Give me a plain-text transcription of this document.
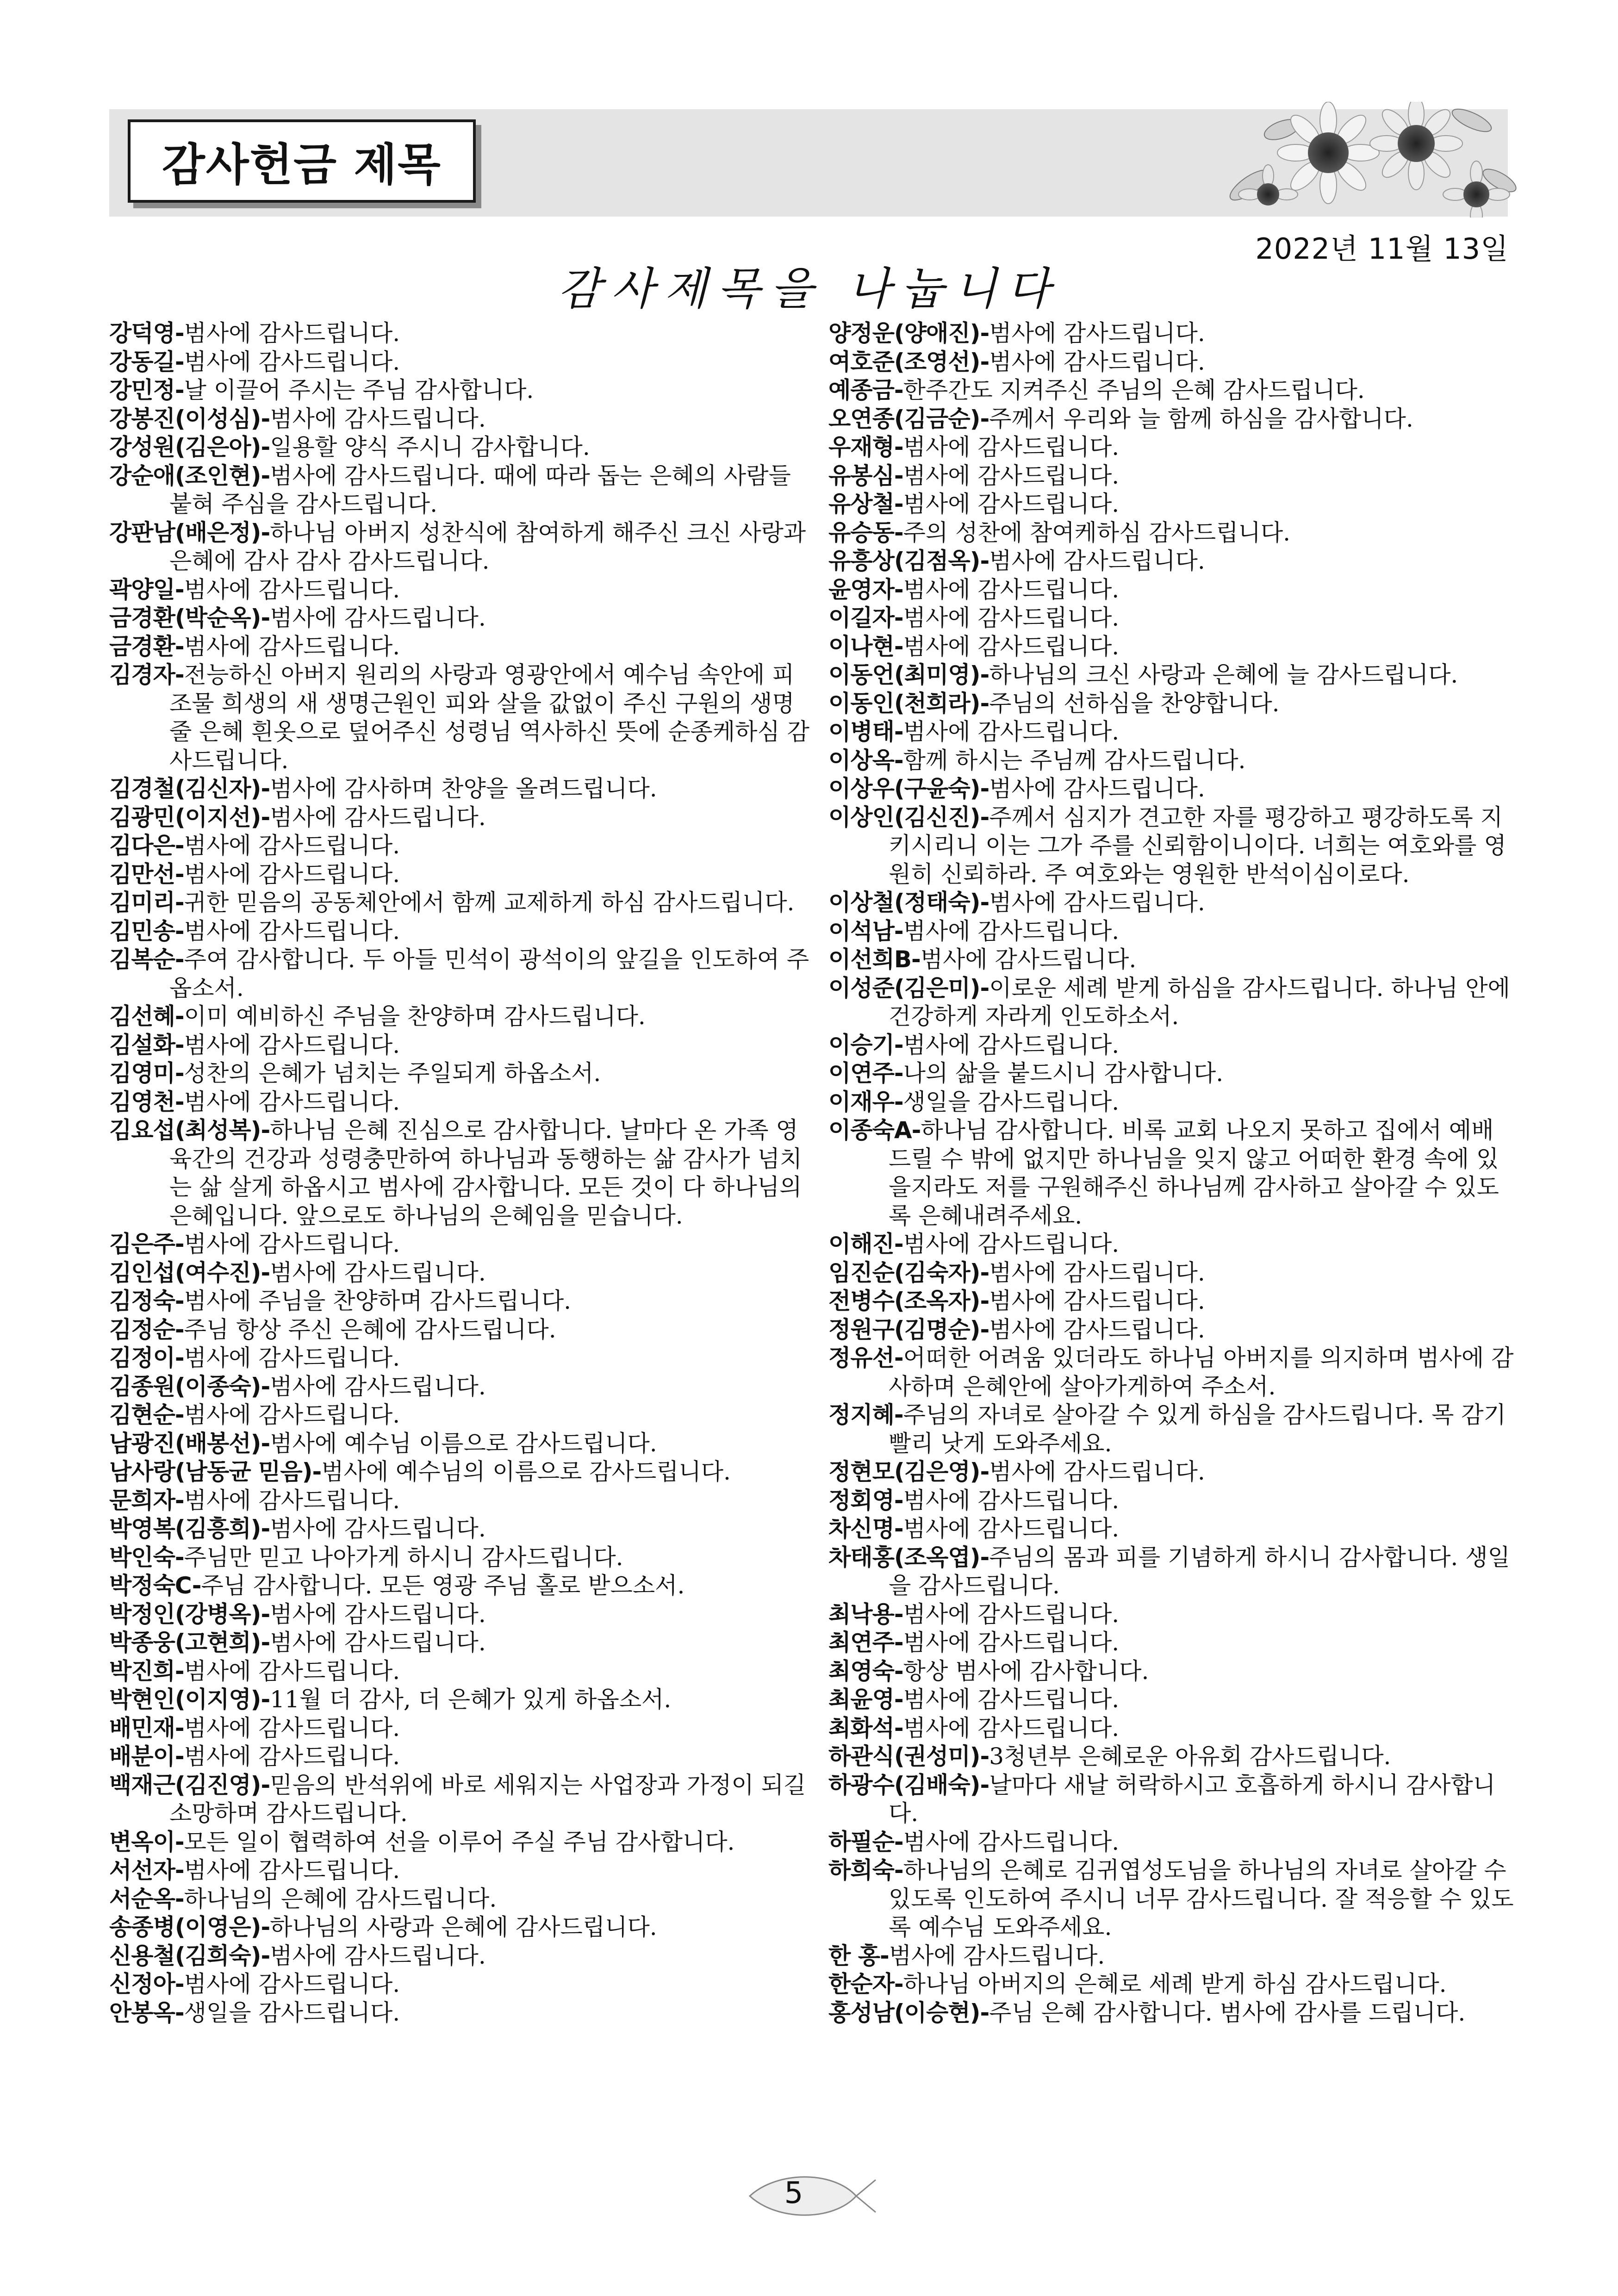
감사헌금 제목
2022년 11월 13일
감사제목을 나눕니다
강덕영-범사에 감사드립니다.
강동길-범사에 감사드립니다.
강민정-날 이끌어 주시는 주님 감사합니다.
강봉진(이성심)-범사에 감사드립니다.
강성원(김은아)-일용할 양식 주시니 감사합니다.
강순애(조인현)-범사에 감사드립니다. 때에 따라 돕는 은혜의 사람들 붙혀 주심을 감사드립니다.
강판남(배은정)-하나님 아버지 성찬식에 참여하게 해주신 크신 사랑과 은혜에 감사 감사 감사드립니다.
곽양일-범사에 감사드립니다.
금경환(박순옥)-범사에 감사드립니다.
금경환-범사에 감사드립니다.
김경자-전능하신 아버지 원리의 사랑과 영광안에서 예수님 속안에 피조물 희생의 새 생명근원인 피와 살을 값없이 주신 구원의 생명줄 은혜 흰옷으로 덮어주신 성령님 역사하신 뜻에 순종케하심 감사드립니다.
김경철(김신자)-범사에 감사하며 찬양을 올려드립니다.
김광민(이지선)-범사에 감사드립니다.
김다은-범사에 감사드립니다.
김만선-범사에 감사드립니다.
김미리-귀한 믿음의 공동체안에서 함께 교제하게 하심 감사드립니다.
김민송-범사에 감사드립니다.
김복순-주여 감사합니다. 두 아들 민석이 광석이의 앞길을 인도하여 주옵소서.
김선혜-이미 예비하신 주님을 찬양하며 감사드립니다.
김설화-범사에 감사드립니다.
김영미-성찬의 은혜가 넘치는 주일되게 하옵소서.
김영천-범사에 감사드립니다.
김요섭(최성복)-하나님 은혜 진심으로 감사합니다. 날마다 온 가족 영육간의 건강과 성령충만하여 하나님과 동행하는 삶 감사가 넘치는 삶 살게 하옵시고 범사에 감사합니다. 모든 것이 다 하나님의 은혜입니다. 앞으로도 하나님의 은혜임을 믿습니다.
김은주-범사에 감사드립니다.
김인섭(여수진)-범사에 감사드립니다.
김정숙-범사에 주님을 찬양하며 감사드립니다.
김정순-주님 항상 주신 은혜에 감사드립니다.
김정이-범사에 감사드립니다.
김종원(이종숙)-범사에 감사드립니다.
김현순-범사에 감사드립니다.
남광진(배봉선)-범사에 예수님 이름으로 감사드립니다.
남사랑(남동균 믿음)-범사에 예수님의 이름으로 감사드립니다.
문희자-범사에 감사드립니다.
박영복(김흥희)-범사에 감사드립니다.
박인숙-주님만 믿고 나아가게 하시니 감사드립니다.
박정숙C-주님 감사합니다. 모든 영광 주님 홀로 받으소서.
박정인(강병옥)-범사에 감사드립니다.
박종웅(고현희)-범사에 감사드립니다.
박진희-범사에 감사드립니다.
박현인(이지영)-11월 더 감사, 더 은혜가 있게 하옵소서.
배민재-범사에 감사드립니다.
배분이-범사에 감사드립니다.
백재근(김진영)-믿음의 반석위에 바로 세워지는 사업장과 가정이 되길 소망하며 감사드립니다.
변옥이-모든 일이 협력하여 선을 이루어 주실 주님 감사합니다.
서선자-범사에 감사드립니다.
서순옥-하나님의 은혜에 감사드립니다.
송종병(이영은)-하나님의 사랑과 은혜에 감사드립니다.
신용철(김희숙)-범사에 감사드립니다.
신정아-범사에 감사드립니다.
안봉옥-생일을 감사드립니다.
양정운(양애진)-범사에 감사드립니다.
여호준(조영선)-범사에 감사드립니다.
예종금-한주간도 지켜주신 주님의 은혜 감사드립니다.
오연종(김금순)-주께서 우리와 늘 함께 하심을 감사합니다.
우재형-범사에 감사드립니다.
유봉심-범사에 감사드립니다.
유상철-범사에 감사드립니다.
유승동-주의 성찬에 참여케하심 감사드립니다.
유흥상(김점옥)-범사에 감사드립니다.
윤영자-범사에 감사드립니다.
이길자-범사에 감사드립니다.
이나현-범사에 감사드립니다.
이동언(최미영)-하나님의 크신 사랑과 은혜에 늘 감사드립니다.
이동인(천희라)-주님의 선하심을 찬양합니다.
이병태-범사에 감사드립니다.
이상옥-함께 하시는 주님께 감사드립니다.
이상우(구윤숙)-범사에 감사드립니다.
이상인(김신진)-주께서 심지가 견고한 자를 평강하고 평강하도록 지키시리니 이는 그가 주를 신뢰함이니이다. 너희는 여호와를 영원히 신뢰하라. 주 여호와는 영원한 반석이심이로다.
이상철(정태숙)-범사에 감사드립니다.
이석남-범사에 감사드립니다.
이선희B-범사에 감사드립니다.
이성준(김은미)-이로운 세례 받게 하심을 감사드립니다. 하나님 안에 건강하게 자라게 인도하소서.
이승기-범사에 감사드립니다.
이연주-나의 삶을 붙드시니 감사합니다.
이재우-생일을 감사드립니다.
이종숙A-하나님 감사합니다. 비록 교회 나오지 못하고 집에서 예배 드릴 수 밖에 없지만 하나님을 잊지 않고 어떠한 환경 속에 있을지라도 저를 구원해주신 하나님께 감사하고 살아갈 수 있도록 은혜내려주세요.
이해진-범사에 감사드립니다.
임진순(김숙자)-범사에 감사드립니다.
전병수(조옥자)-범사에 감사드립니다.
정원구(김명순)-범사에 감사드립니다.
정유선-어떠한 어려움 있더라도 하나님 아버지를 의지하며 범사에 감사하며 은혜안에 살아가게하여 주소서.
정지혜-주님의 자녀로 살아갈 수 있게 하심을 감사드립니다. 목 감기 빨리 낫게 도와주세요.
정현모(김은영)-범사에 감사드립니다.
정회영-범사에 감사드립니다.
차신명-범사에 감사드립니다.
차태홍(조옥엽)-주님의 몸과 피를 기념하게 하시니 감사합니다. 생일을 감사드립니다.
최낙용-범사에 감사드립니다.
최연주-범사에 감사드립니다.
최영숙-항상 범사에 감사합니다.
최윤영-범사에 감사드립니다.
최화석-범사에 감사드립니다.
하관식(권성미)-3청년부 은혜로운 아유회 감사드립니다.
하광수(김배숙)-날마다 새날 허락하시고 호흡하게 하시니 감사합니다.
하필순-범사에 감사드립니다.
하희숙-하나님의 은혜로 김귀엽성도님을 하나님의 자녀로 살아갈 수 있도록 인도하여 주시니 너무 감사드립니다. 잘 적응할 수 있도록 예수님 도와주세요.
한 홍-범사에 감사드립니다.
한순자-하나님 아버지의 은혜로 세례 받게 하심 감사드립니다.
홍성남(이승현)-주님 은혜 감사합니다. 범사에 감사를 드립니다.
5
